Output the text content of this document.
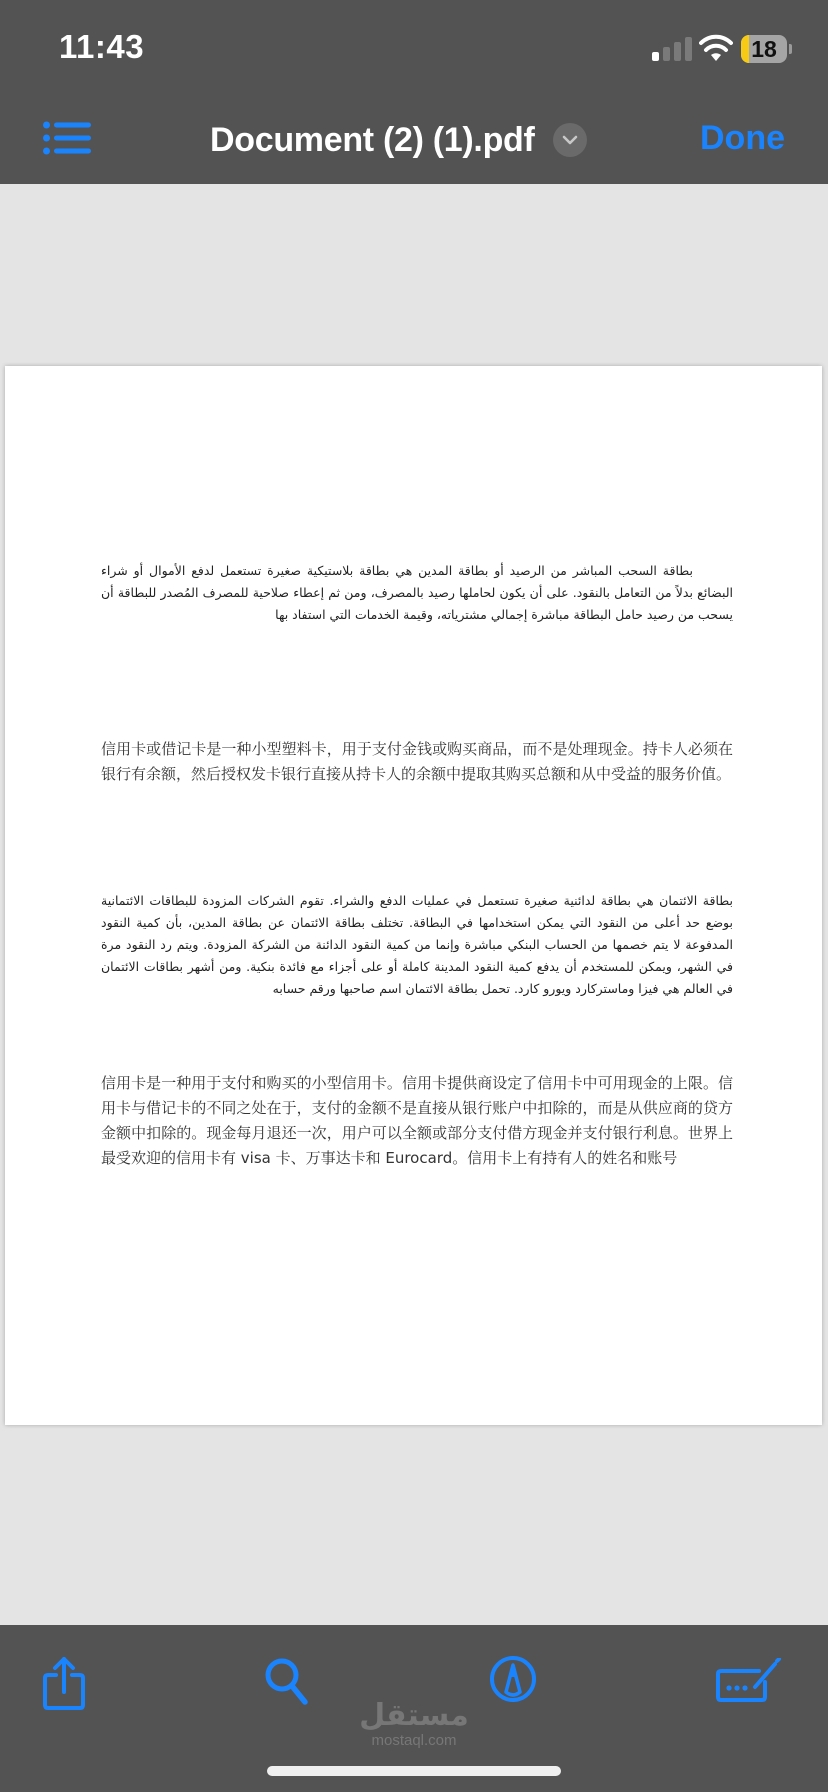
11:43	18
Document (2) (1).pdf	Done
بطاقة السحب المباشر من الرصيد أو بطاقة المدين هي بطاقة بلاستيكية صغيرة تستعمل لدفع الأموال أو شراء البضائع بدلاً من التعامل بالنقود. على أن يكون لحاملها رصيد بالمصرف، ومن ثم إعطاء صلاحية للمصرف المُصدر للبطاقة أن يسحب من رصيد حامل البطاقة مباشرة إجمالي مشترياته، وقيمة الخدمات التي استفاد بها
信用卡或借记卡是一种小型塑料卡，用于支付金钱或购买商品，而不是处理现金。持卡人必须在银行有余额，然后授权发卡银行直接从持卡人的余额中提取其购买总额和从中受益的服务价值。
بطاقة الائتمان هي بطاقة لدائنية صغيرة تستعمل في عمليات الدفع والشراء. تقوم الشركات المزودة للبطاقات الائتمانية بوضع حد أعلى من النقود التي يمكن استخدامها في البطاقة. تختلف بطاقة الائتمان عن بطاقة المدين، بأن كمية النقود المدفوعة لا يتم خصمها من الحساب البنكي مباشرة وإنما من كمية النقود الدائنة من الشركة المزودة. ويتم رد النقود مرة في الشهر، ويمكن للمستخدم أن يدفع كمية النقود المدينة كاملة أو على أجزاء مع فائدة بنكية. ومن أشهر بطاقات الائتمان في العالم هي فيزا وماستركارد ويورو كارد. تحمل بطاقة الائتمان اسم صاحبها ورقم حسابه
信用卡是一种用于支付和购买的小型信用卡。信用卡提供商设定了信用卡中可用现金的上限。信用卡与借记卡的不同之处在于，支付的金额不是直接从银行账户中扣除的，而是从供应商的贷方金额中扣除的。现金每月退还一次，用户可以全额或部分支付借方现金并支付银行利息。世界上最受欢迎的信用卡有 visa 卡、万事达卡和 Eurocard。信用卡上有持有人的姓名和账号
مستقل
mostaql.com
